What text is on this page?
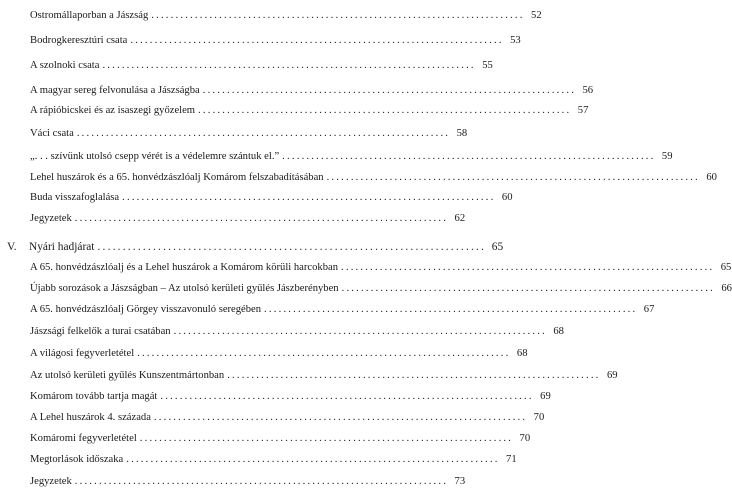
Ostromállaporban a Jászság ............................................................................. 52
Bodrogkeresztúri csata ............................................................................. 53
A szolnoki csata ............................................................................. 55
A magyar sereg felvonulása a Jászságba ............................................................................. 56
A rápióbicskei és az isaszegi győzelem ............................................................................. 57
Váci csata ............................................................................. 58
„. . . szívünk utolsó csepp vérét is a védelemre szántuk el.” ............................................................................. 59
Lehel huszárok és a 65. honvédzászlóalj Komárom felszabadításában ............................................................................. 60
Buda visszafoglalása ............................................................................. 60
Jegyzetek ............................................................................. 62
V. Nyári hadjárat ............................................................................. 65
A 65. honvédzászlóalj és a Lehel huszárok a Komárom körüli harcokban ............................................................................. 65
Újabb sorozások a Jászságban – Az utolsó kerületi gyűlés Jászberényben ............................................................................. 66
A 65. honvédzászlóalj Görgey visszavonuló seregében ............................................................................. 67
Jászsági felkelők a turai csatában ............................................................................. 68
A világosi fegyverletétel ............................................................................. 68
Az utolsó kerületi gyűlés Kunszentmártonban ............................................................................. 69
Komárom tovább tartja magát ............................................................................. 69
A Lehel huszárok 4. százada ............................................................................. 70
Komáromi fegyverletétel ............................................................................. 70
Megtorlások időszaka ............................................................................. 71
Jegyzetek ............................................................................. 73
